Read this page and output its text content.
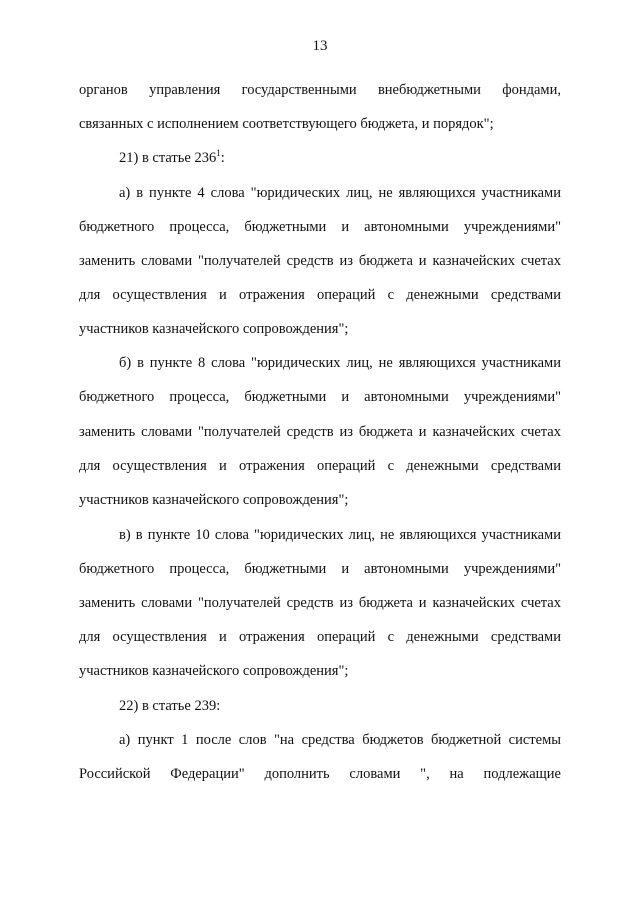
13
органов управления государственными внебюджетными фондами,
связанных с исполнением соответствующего бюджета, и порядок";
21) в статье $236^1$:
а) в пункте 4 слова "юридических лиц, не являющихся участниками
бюджетного процесса, бюджетными и автономными учреждениями"
заменить словами "получателей средств из бюджета и казначейских счетах
для осуществления и отражения операций с денежными средствами
участников казначейского сопровождения";
б) в пункте 8 слова "юридических лиц, не являющихся участниками
бюджетного процесса, бюджетными и автономными учреждениями"
заменить словами "получателей средств из бюджета и казначейских счетах
для осуществления и отражения операций с денежными средствами
участников казначейского сопровождения";
в) в пункте 10 слова "юридических лиц, не являющихся участниками
бюджетного процесса, бюджетными и автономными учреждениями"
заменить словами "получателей средств из бюджета и казначейских счетах
для осуществления и отражения операций с денежными средствами
участников казначейского сопровождения";
22) в статье 239:
а) пункт 1 после слов "на средства бюджетов бюджетной системы
Российской Федерации" дополнить словами ", на подлежащие
